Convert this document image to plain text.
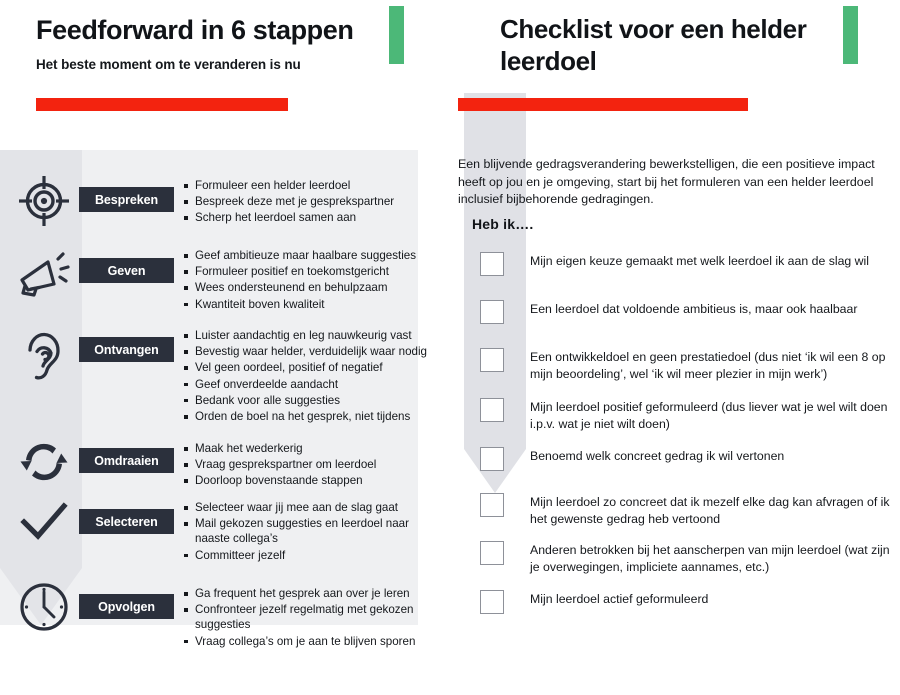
Feedforward in 6 stappen

Het beste moment om te veranderen is nu

Bespreken
Formuleer een helder leerdoel
Bespreek deze met je gesprekspartner
Scherp het leerdoel samen aan
Geven
Geef ambitieuze maar haalbare suggesties
Formuleer positief en toekomstgericht
Wees ondersteunend en behulpzaam
Kwantiteit boven kwaliteit
Ontvangen
Luister aandachtig en leg nauwkeurig vast
Bevestig waar helder, verduidelijk waar nodig
Vel geen oordeel, positief of negatief
Geef onverdeelde aandacht
Bedank voor alle suggesties
Orden de boel na het gesprek, niet tijdens
Omdraaien
Maak het wederkerig
Vraag gesprekspartner om leerdoel
Doorloop bovenstaande stappen
Selecteren
Selecteer waar jij mee aan de slag gaat
Mail gekozen suggesties en leerdoel naar naaste collega’s
Committeer jezelf
Opvolgen
Ga frequent het gesprek aan over je leren
Confronteer jezelf regelmatig met gekozen suggesties
Vraag collega’s om je aan te blijven sporen
Checklist voor een helder leerdoel

Een blijvende gedragsverandering bewerkstelligen, die een positieve impact heeft op jou en je omgeving, start bij het formuleren van een helder leerdoel inclusief bijbehorende gedragingen.

Heb ik….
Mijn eigen keuze gemaakt met welk leerdoel ik aan de slag wil
Een leerdoel dat voldoende ambitieus is, maar ook haalbaar
Een ontwikkeldoel en geen prestatiedoel (dus niet ‘ik wil een 8 op mijn beoordeling’, wel ‘ik wil meer plezier in mijn werk’)
Mijn leerdoel positief geformuleerd (dus liever wat je wel wilt doen i.p.v. wat je niet wilt doen)
Benoemd welk concreet gedrag ik wil vertonen
Mijn leerdoel zo concreet dat ik mezelf elke dag kan afvragen of ik het gewenste gedrag heb vertoond
Anderen betrokken bij het aanscherpen van mijn leerdoel (wat zijn je overwegingen, impliciete aannames, etc.)
Mijn leerdoel actief geformuleerd
